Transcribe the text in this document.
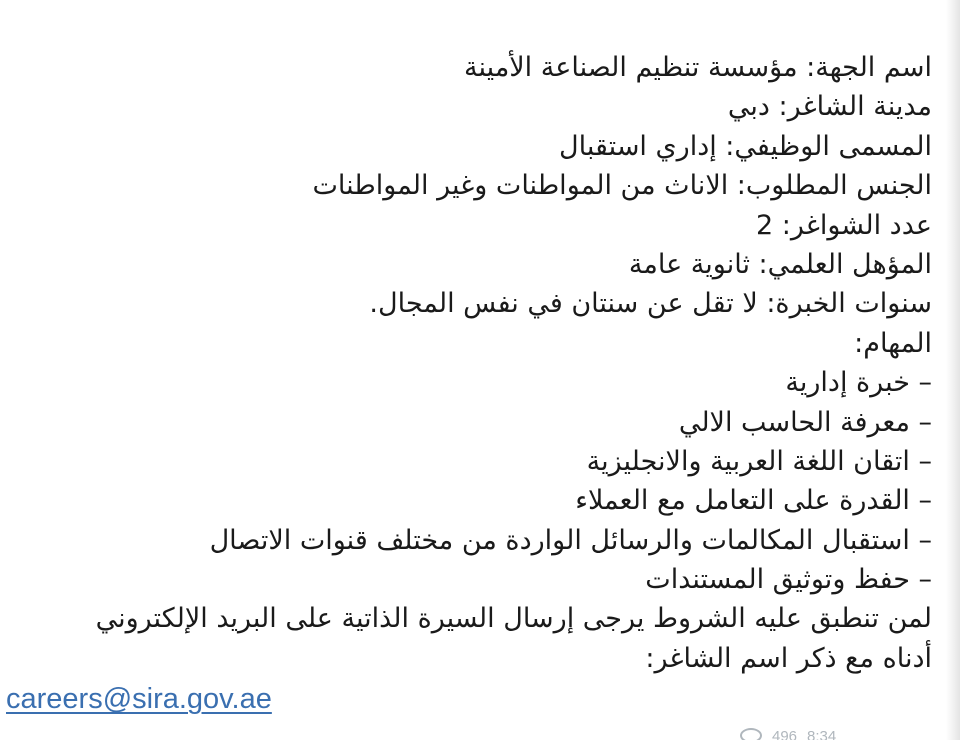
اسم الجهة: مؤسسة تنظيم الصناعة الأمينة
مدينة الشاغر: دبي
المسمى الوظيفي: إداري استقبال
الجنس المطلوب: الاناث من المواطنات وغير المواطنات
عدد الشواغر: 2
المؤهل العلمي: ثانوية عامة
سنوات الخبرة: لا تقل عن سنتان في نفس المجال.
المهام:
– خبرة إدارية
– معرفة الحاسب الالي
– اتقان اللغة العربية والانجليزية
– القدرة على التعامل مع العملاء
– استقبال المكالمات والرسائل الواردة من مختلف قنوات الاتصال
– حفظ وتوثيق المستندات
لمن تنطبق عليه الشروط يرجى إرسال السيرة الذاتية على البريد الإلكتروني
أدناه مع ذكر اسم الشاغر:
careers@sira.gov.ae
496 8:34
